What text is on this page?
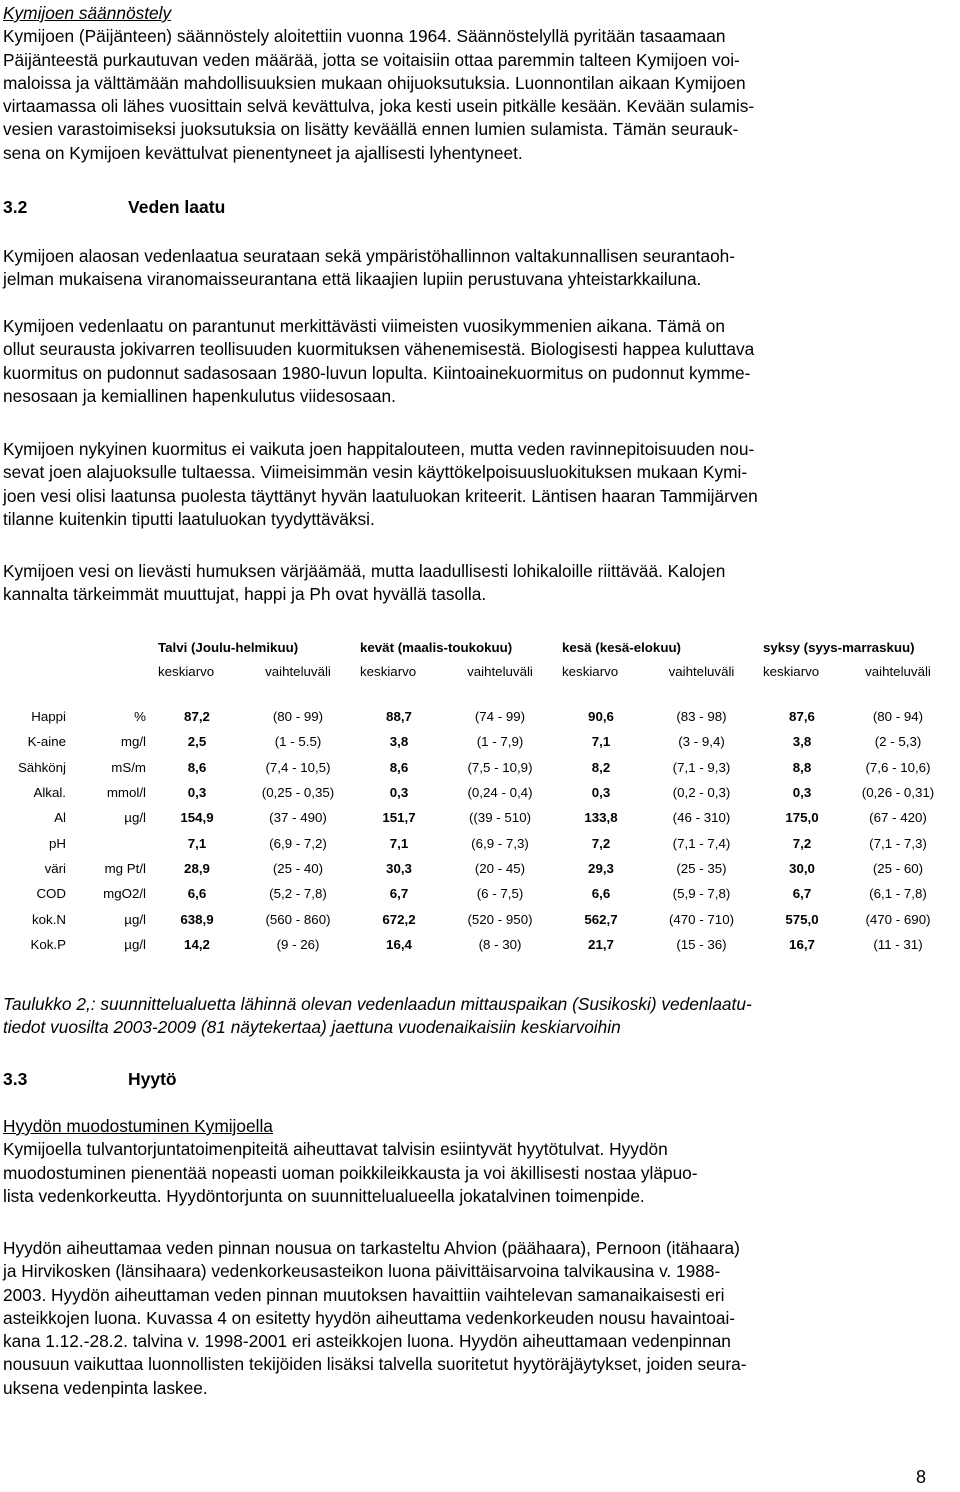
Kymijoen säännöstely
Kymijoen (Päijänteen) säännöstely aloitettiin vuonna 1964. Säännöstelyllä pyritään tasaamaan
Päijänteestä purkautuvan veden määrää, jotta se voitaisiin ottaa paremmin talteen Kymijoen voi-
maloissa ja välttämään mahdollisuuksien mukaan ohijuoksutuksia. Luonnontilan aikaan Kymijoen
virtaamassa oli lähes vuosittain selvä kevättulva, joka kesti usein pitkälle kesään. Kevään sulamis-
vesien varastoimiseksi juoksutuksia on lisätty keväällä ennen lumien sulamista. Tämän seurauk-
sena on Kymijoen kevättulvat pienentyneet ja ajallisesti lyhentyneet.
3.2	Veden laatu
Kymijoen alaosan vedenlaatua seurataan sekä ympäristöhallinnon valtakunnallisen seurantaoh-
jelman mukaisena viranomaisseurantana että likaajien lupiin perustuvana yhteistarkkailuna.
Kymijoen vedenlaatu on parantunut merkittävästi viimeisten vuosikymmenien aikana. Tämä on
ollut seurausta jokivarren teollisuuden kuormituksen vähenemisestä. Biologisesti happea kuluttava
kuormitus on pudonnut sadasosaan 1980-luvun lopulta. Kiintoainekuormitus on pudonnut kymme-
nesosaan ja kemiallinen hapenkulutus viidesosaan.
Kymijoen nykyinen kuormitus ei vaikuta joen happitalouteen, mutta veden ravinnepitoisuuden nou-
sevat joen alajuoksulle tultaessa. Viimeisimmän vesin käyttökelpoisuusluokituksen mukaan Kymi-
joen vesi olisi laatunsa puolesta täyttänyt hyvän laatuluokan kriteerit. Läntisen haaran Tammijärven
tilanne kuitenkin tiputti laatuluokan tyydyttäväksi.
Kymijoen vesi on lievästi humuksen värjäämää, mutta laadullisesti lohikaloille riittävää. Kalojen
kannalta tärkeimmät muuttujat, happi ja Ph ovat hyvällä tasolla.
		Talvi (Joulu-helmikuu)		kevät (maalis-toukokuu)		kesä (kesä-elokuu)		syksy (syys-marraskuu)	
		keskiarvo	vaihteluväli	keskiarvo	vaihteluväli	keskiarvo	vaihteluväli	keskiarvo	vaihteluväli

Happi	%	87,2	(80 - 99)	88,7	(74 - 99)	90,6	(83 - 98)	87,6	(80 - 94)
K-aine	mg/l	2,5	(1 - 5.5)	3,8	(1 - 7,9)	7,1	(3 - 9,4)	3,8	(2 - 5,3)
Sähkönj	mS/m	8,6	(7,4 - 10,5)	8,6	(7,5 - 10,9)	8,2	(7,1 - 9,3)	8,8	(7,6 - 10,6)
Alkal.	mmol/l	0,3	(0,25 - 0,35)	0,3	(0,24 - 0,4)	0,3	(0,2 - 0,3)	0,3	(0,26 - 0,31)
Al	µg/l	154,9	(37 - 490)	151,7	((39 - 510)	133,8	(46 - 310)	175,0	(67 - 420)
pH		7,1	(6,9 - 7,2)	7,1	(6,9 - 7,3)	7,2	(7,1 - 7,4)	7,2	(7,1 - 7,3)
väri	mg Pt/l	28,9	(25 - 40)	30,3	(20 - 45)	29,3	(25 - 35)	30,0	(25 - 60)
COD	mgO2/l	6,6	(5,2 - 7,8)	6,7	(6 - 7,5)	6,6	(5,9 - 7,8)	6,7	(6,1 - 7,8)
kok.N	µg/l	638,9	(560 - 860)	672,2	(520 - 950)	562,7	(470 - 710)	575,0	(470 - 690)
Kok.P	µg/l	14,2	(9 - 26)	16,4	(8 - 30)	21,7	(15 - 36)	16,7	(11 - 31)
Taulukko 2,: suunnittelualuetta lähinnä olevan vedenlaadun mittauspaikan (Susikoski) vedenlaatu-
tiedot vuosilta 2003-2009 (81 näytekertaa) jaettuna vuodenaikaisiin keskiarvoihin
3.3	Hyytö
Hyydön muodostuminen Kymijoella
Kymijoella tulvantorjuntatoimenpiteitä aiheuttavat talvisin esiintyvät hyytötulvat. Hyydön
muodostuminen pienentää nopeasti uoman poikkileikkausta ja voi äkillisesti nostaa yläpuo-
lista vedenkorkeutta. Hyydöntorjunta on suunnittelualueella jokatalvinen toimenpide.
Hyydön aiheuttamaa veden pinnan nousua on tarkasteltu Ahvion (päähaara), Pernoon (itähaara)
ja Hirvikosken (länsihaara) vedenkorkeusasteikon luona päivittäisarvoina talvikausina v. 1988-
2003. Hyydön aiheuttaman veden pinnan muutoksen havaittiin vaihtelevan samanaikaisesti eri
asteikkojen luona. Kuvassa 4 on esitetty hyydön aiheuttama vedenkorkeuden nousu havaintoai-
kana 1.12.-28.2. talvina v. 1998-2001 eri asteikkojen luona. Hyydön aiheuttamaan vedenpinnan
nousuun vaikuttaa luonnollisten tekijöiden lisäksi talvella suoritetut hyytöräjäytykset, joiden seura-
uksena vedenpinta laskee.
8
